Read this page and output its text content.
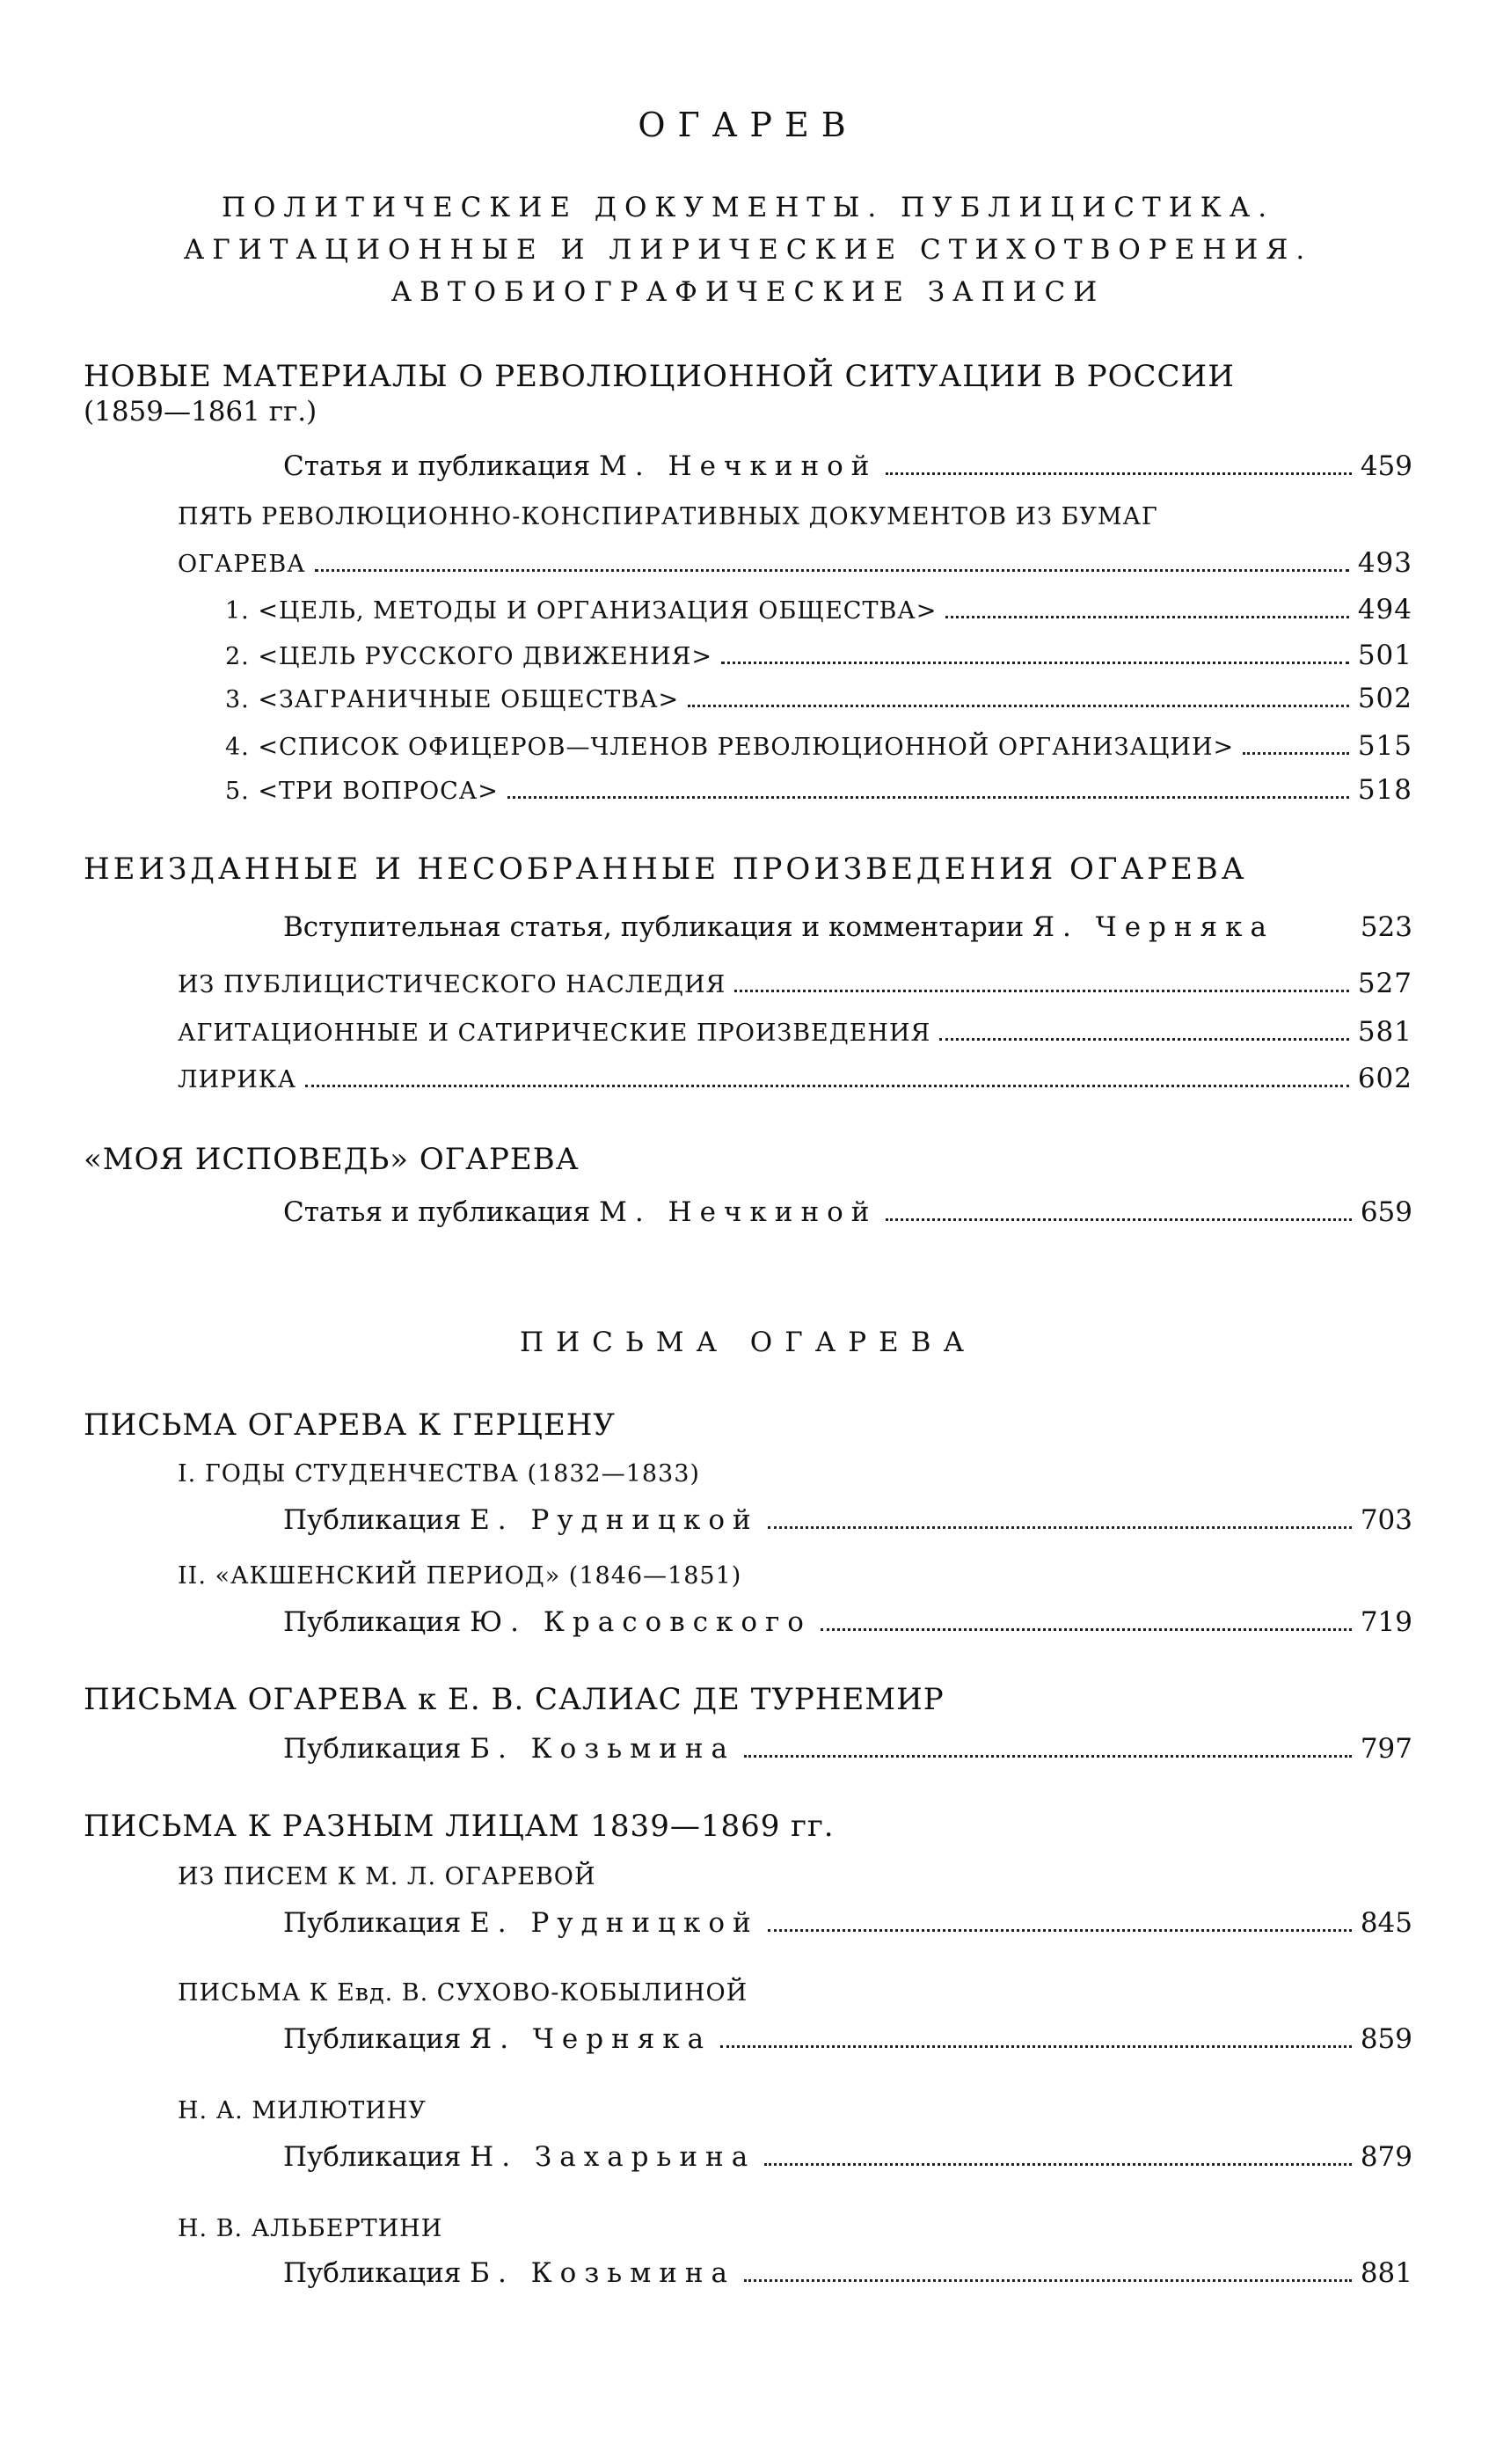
ОГАРЕВ
ПОЛИТИЧЕСКИЕ ДОКУМЕНТЫ. ПУБЛИЦИСТИКА.
АГИТАЦИОННЫЕ И ЛИРИЧЕСКИЕ СТИХОТВОРЕНИЯ.
АВТОБИОГРАФИЧЕСКИЕ ЗАПИСИ
НОВЫЕ МАТЕРИАЛЫ О РЕВОЛЮЦИОННОЙ СИТУАЦИИ В РОССИИ
(1859—1861 гг.)
Статья и публикация М. Нечкиной	459
ПЯТЬ РЕВОЛЮЦИОННО-КОНСПИРАТИВНЫХ ДОКУМЕНТОВ ИЗ БУМАГ
ОГАРЕВА	493
1. <ЦЕЛЬ, МЕТОДЫ И ОРГАНИЗАЦИЯ ОБЩЕСТВА>	494
2. <ЦЕЛЬ РУССКОГО ДВИЖЕНИЯ>	501
3. <ЗАГРАНИЧНЫЕ ОБЩЕСТВА>	502
4. <СПИСОК ОФИЦЕРОВ—ЧЛЕНОВ РЕВОЛЮЦИОННОЙ ОРГАНИЗАЦИИ>	515
5. <ТРИ ВОПРОСА>	518
НЕИЗДАННЫЕ И НЕСОБРАННЫЕ ПРОИЗВЕДЕНИЯ ОГАРЕВА
Вступительная статья, публикация и комментарии Я. Черняка	523
ИЗ ПУБЛИЦИСТИЧЕСКОГО НАСЛЕДИЯ	527
АГИТАЦИОННЫЕ И САТИРИЧЕСКИЕ ПРОИЗВЕДЕНИЯ	581
ЛИРИКА	602
«МОЯ ИСПОВЕДЬ» ОГАРЕВА
Статья и публикация М. Нечкиной	659
ПИСЬМА ОГАРЕВА
ПИСЬМА ОГАРЕВА К ГЕРЦЕНУ
I. ГОДЫ СТУДЕНЧЕСТВА (1832—1833)
Публикация Е. Рудницкой	703
II. «АКШЕНСКИЙ ПЕРИОД» (1846—1851)
Публикация Ю. Красовского	719
ПИСЬМА ОГАРЕВА к Е. В. САЛИАС ДЕ ТУРНЕМИР
Публикация Б. Козьмина	797
ПИСЬМА К РАЗНЫМ ЛИЦАМ 1839—1869 гг.
ИЗ ПИСЕМ К М. Л. ОГАРЕВОЙ
Публикация Е. Рудницкой	845
ПИСЬМА К Евд. В. СУХОВО-КОБЫЛИНОЙ
Публикация Я. Черняка	859
Н. А. МИЛЮТИНУ
Публикация Н. Захарьина	879
Н. В. АЛЬБЕРТИНИ
Публикация Б. Козьмина	881
